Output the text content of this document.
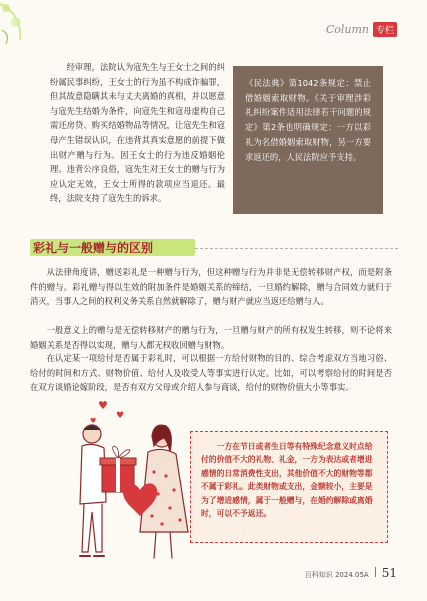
Column 专栏

经审理，法院认为寇先生与王女士之间的纠纷属民事纠纷，王女士的行为虽不构成诈骗罪，但其故意隐瞒其未与丈夫离婚的真相，并以愿意与寇先生结婚为条件，向寇先生和寇母虚构自己需还房贷、购买结婚物品等情况，让寇先生和寇母产生错误认识，在违背其真实意愿的前提下做出财产赠与行为。因王女士的行为违反婚姻伦理、违背公序良俗，寇先生对王女士的赠与行为应认定无效，王女士所得的款项应当退还。最终，法院支持了寇先生的诉求。

《民法典》第1042条规定：禁止借婚姻索取财物。《关于审理涉彩礼纠纷案件适用法律若干问题的规定》第2条也明确规定：一方以彩礼为名借婚姻索取财物，另一方要求返还的，人民法院应予支持。

彩礼与一般赠与的区别

从法律角度讲，赠送彩礼是一种赠与行为，但这种赠与行为并非是无偿转移财产权，而是附条件的赠与。彩礼赠与得以生效的附加条件是婚姻关系的缔结，一旦婚约解除，赠与合同效力就归于消灭，当事人之间的权利义务关系自然就解除了，赠与财产就应当返还给赠与人。

一般意义上的赠与是无偿转移财产的赠与行为，一旦赠与财产的所有权发生转移，则不论将来婚姻关系是否得以实现，赠与人都无权收回赠与财物。

在认定某一项给付是否属于彩礼时，可以根据一方给付财物的目的、综合考虑双方当地习俗、给付的时间和方式、财物价值、给付人及收受人等事实进行认定。比如，可以考察给付的时间是否在双方谈婚论嫁阶段，是否有双方父母或介绍人参与商谈，给付的财物价值大小等事实。

♥
♥
♥

一方在节日或者生日等有特殊纪念意义时点给付的价值不大的礼物、礼金，一方为表达或者增进感情的日常消费性支出，其他价值不大的财物等都不属于彩礼。此类财物或支出，金额较小，主要是为了增进感情，属于一般赠与，在婚约解除或离婚时，可以不予返还。

百科知识 2024.05A 51
